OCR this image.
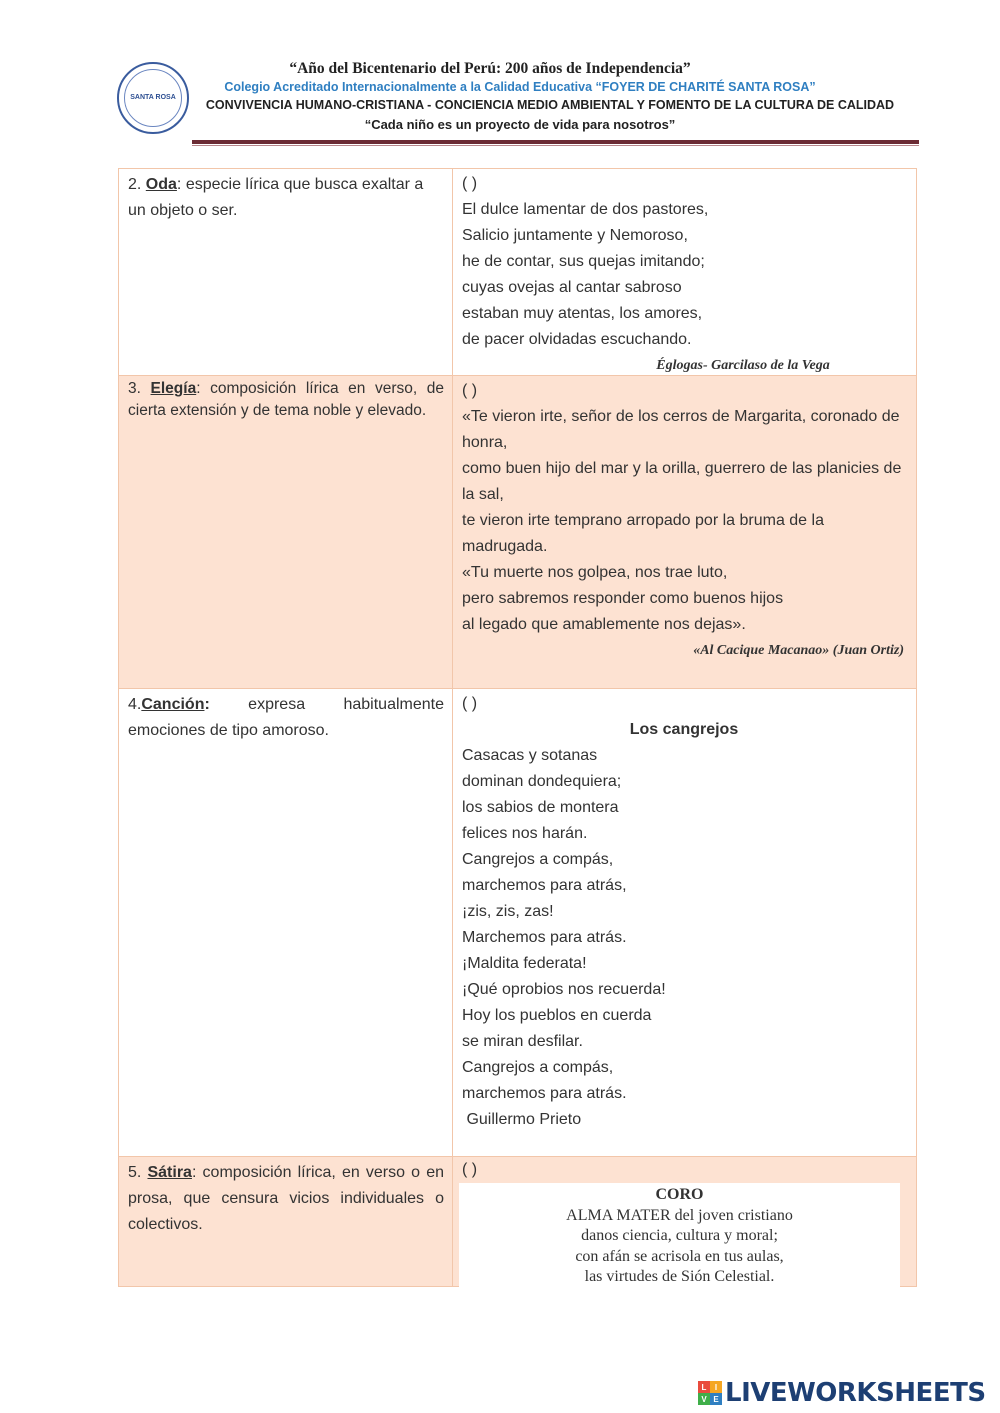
SANTA ROSA
“Año del Bicentenario del Perú: 200 años de Independencia”
Colegio Acreditado Internacionalmente a la Calidad Educativa “FOYER DE CHARITÉ SANTA ROSA”
CONVIVENCIA HUMANO-CRISTIANA - CONCIENCIA MEDIO AMBIENTAL Y FOMENTO DE LA CULTURA DE CALIDAD
“Cada niño es un proyecto de vida para nosotros”
2. Oda: especie lírica que busca exaltar a un objeto o ser.
( )
El dulce lamentar de dos pastores,
Salicio juntamente y Nemoroso,
he de contar, sus quejas imitando;
cuyas ovejas al cantar sabroso
estaban muy atentas, los amores,
de pacer olvidadas escuchando.
Églogas- Garcilaso de la Vega
3. Elegía: composición lírica en verso, de cierta extensión y de tema noble y elevado.
( )
«Te vieron irte, señor de los cerros de Margarita, coronado de honra,
como buen hijo del mar y la orilla, guerrero de las planicies de la sal,
te vieron irte temprano arropado por la bruma de la madrugada.
«Tu muerte nos golpea, nos trae luto,
pero sabremos responder como buenos hijos
al legado que amablemente nos dejas».
«Al Cacique Macanao» (Juan Ortiz)
4.Canción: expresa habitualmente
emociones de tipo amoroso.
( )
Los cangrejos
Casacas y sotanas
dominan dondequiera;
los sabios de montera
felices nos harán.
Cangrejos a compás,
marchemos para atrás,
¡zis, zis, zas!
Marchemos para atrás.
¡Maldita federata!
¡Qué oprobios nos recuerda!
Hoy los pueblos en cuerda
se miran desfilar.
Cangrejos a compás,
marchemos para atrás.
Guillermo Prieto
5. Sátira: composición lírica, en verso o en prosa, que censura vicios individuales o colectivos.
( )
CORO
ALMA MATER del joven cristiano
danos ciencia, cultura y moral;
con afán se acrisola en tus aulas,
las virtudes de Sión Celestial.
L	I
V E LIVEWORKSHEETS
